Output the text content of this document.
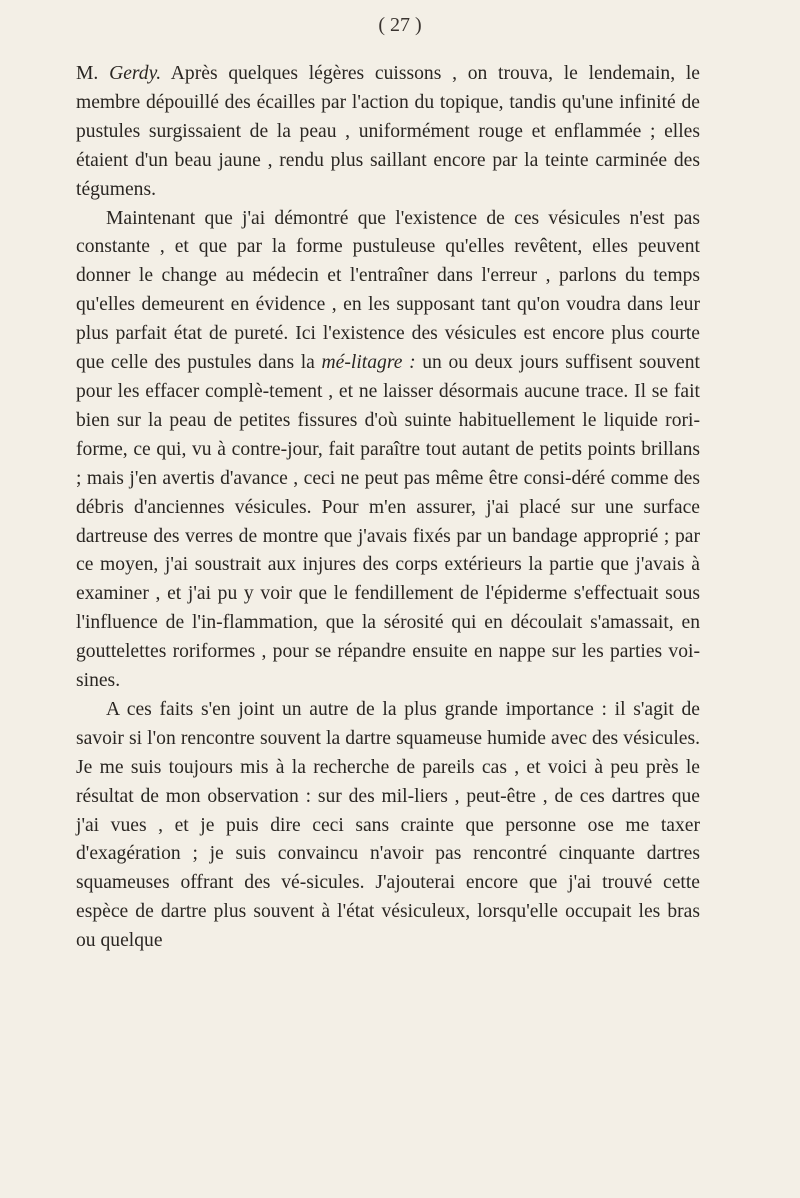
( 27 )

M. Gerdy. Après quelques légères cuissons , on trouva, le lendemain, le membre dépouillé des écailles par l'action du topique, tandis qu'une infinité de pustules surgissaient de la peau , uniformément rouge et enflammée ; elles étaient d'un beau jaune , rendu plus saillant encore par la teinte carminée des tégumens.

Maintenant que j'ai démontré que l'existence de ces vésicules n'est pas constante , et que par la forme pustuleuse qu'elles revêtent, elles peuvent donner le change au médecin et l'entraîner dans l'erreur , parlons du temps qu'elles demeurent en évidence , en les supposant tant qu'on voudra dans leur plus parfait état de pureté. Ici l'existence des vésicules est encore plus courte que celle des pustules dans la mé-litagre : un ou deux jours suffisent souvent pour les effacer complè-tement , et ne laisser désormais aucune trace. Il se fait bien sur la peau de petites fissures d'où suinte habituellement le liquide rori-forme, ce qui, vu à contre-jour, fait paraître tout autant de petits points brillans ; mais j'en avertis d'avance , ceci ne peut pas même être consi-déré comme des débris d'anciennes vésicules. Pour m'en assurer, j'ai placé sur une surface dartreuse des verres de montre que j'avais fixés par un bandage approprié ; par ce moyen, j'ai soustrait aux injures des corps extérieurs la partie que j'avais à examiner , et j'ai pu y voir que le fendillement de l'épiderme s'effectuait sous l'influence de l'in-flammation, que la sérosité qui en découlait s'amassait, en gouttelettes roriformes , pour se répandre ensuite en nappe sur les parties voi-sines.

A ces faits s'en joint un autre de la plus grande importance : il s'agit de savoir si l'on rencontre souvent la dartre squameuse humide avec des vésicules. Je me suis toujours mis à la recherche de pareils cas , et voici à peu près le résultat de mon observation : sur des mil-liers , peut-être , de ces dartres que j'ai vues , et je puis dire ceci sans crainte que personne ose me taxer d'exagération ; je suis convaincu n'avoir pas rencontré cinquante dartres squameuses offrant des vé-sicules. J'ajouterai encore que j'ai trouvé cette espèce de dartre plus souvent à l'état vésiculeux, lorsqu'elle occupait les bras ou quelque
